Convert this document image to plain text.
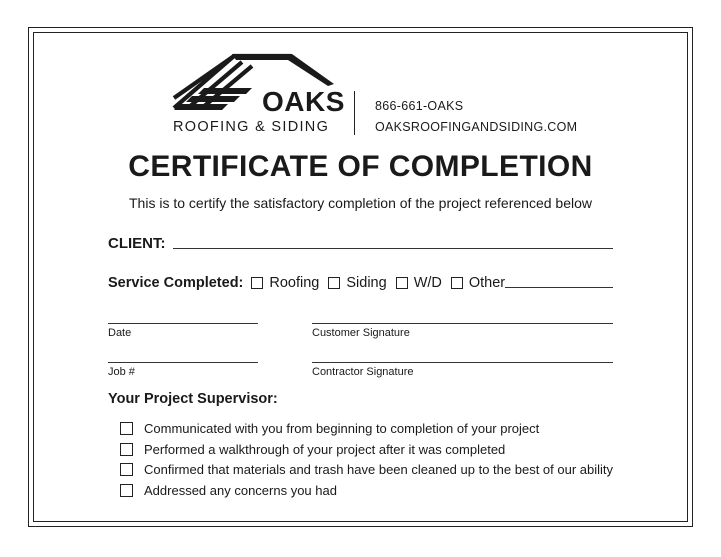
OAKS
ROOFING & SIDING
866-661-OAKS
OAKSROOFINGANDSIDING.COM
CERTIFICATE OF COMPLETION
This is to certify the satisfactory completion of the project referenced below
CLIENT:
Service Completed: Roofing Siding W/D Other
Date	Customer Signature
Job #	Contractor Signature
Your Project Supervisor:
Communicated with you from beginning to completion of your project
Performed a walkthrough of your project after it was completed
Confirmed that materials and trash have been cleaned up to the best of our ability
Addressed any concerns you had
